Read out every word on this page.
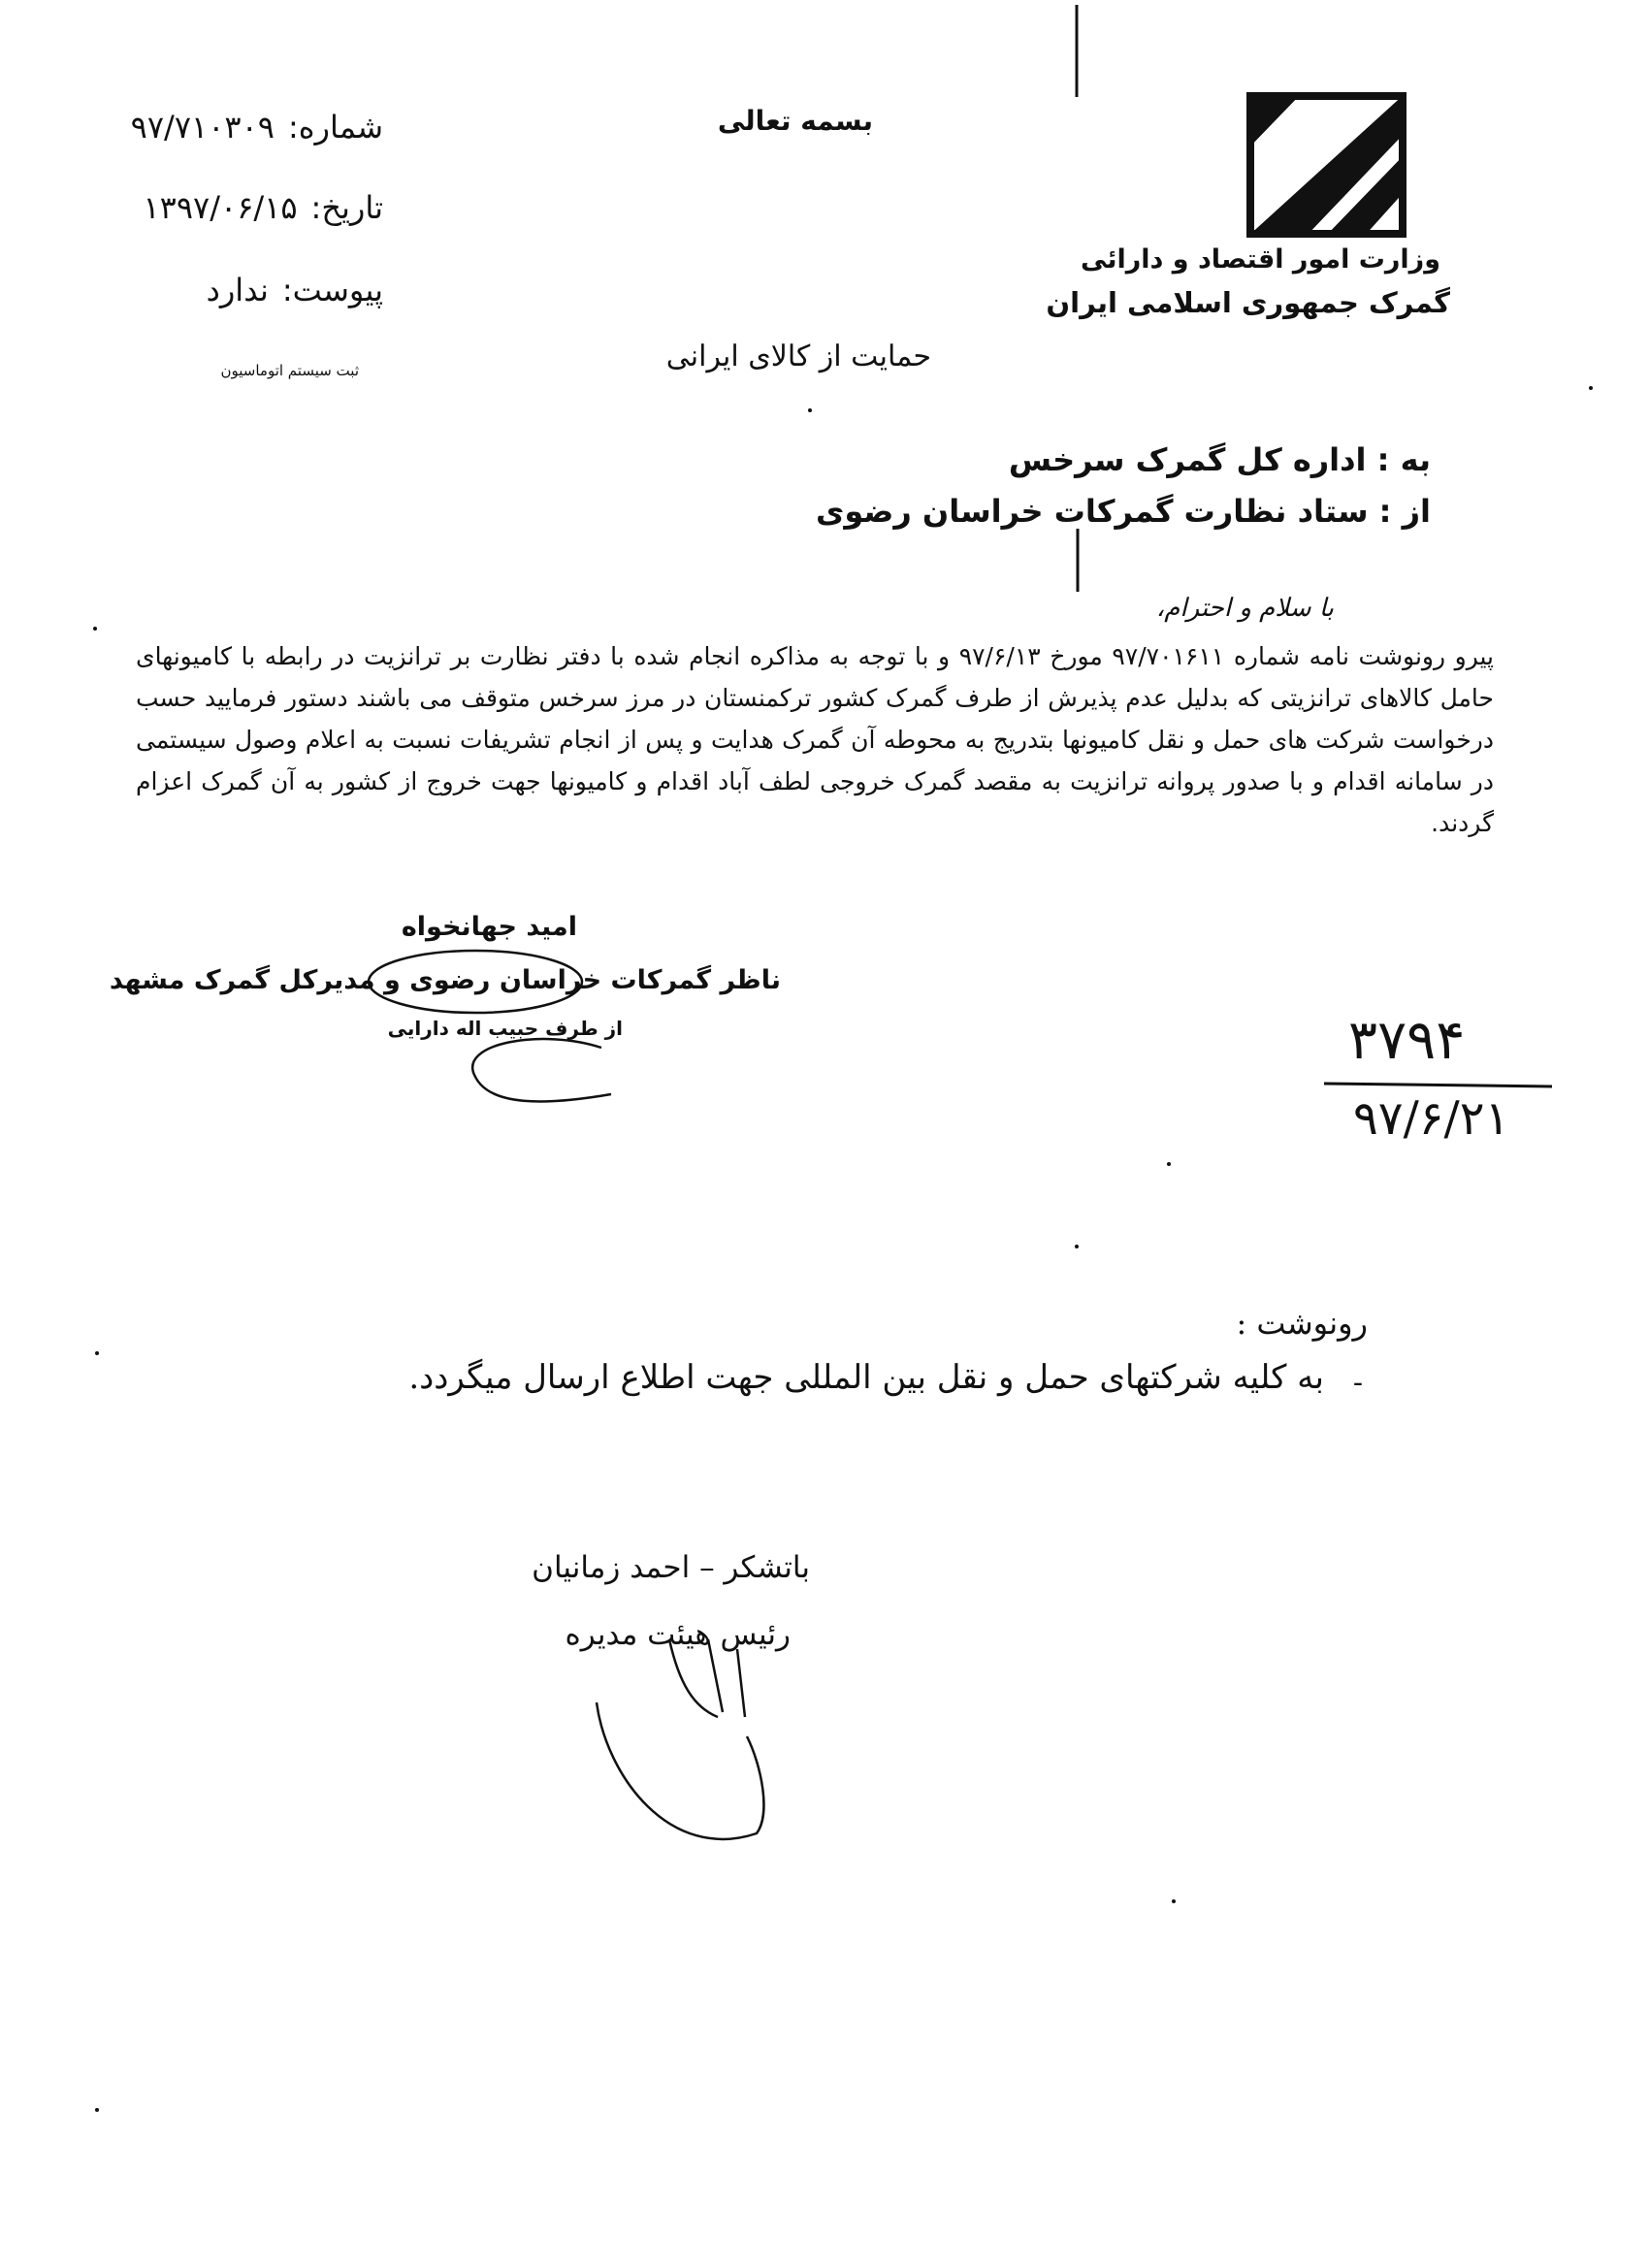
وزارت امور اقتصاد و دارائی
گمرک جمهوری اسلامی ایران
بسمه تعالی
شماره:۹۷/۷۱۰۳۰۹
تاریخ:۱۳۹۷/۰۶/۱۵
پیوست:ندارد
ثبت سیستم اتوماسیون	حمایت از کالای ایرانی
به : اداره کل گمرک سرخس
از : ستاد نظارت گمرکات خراسان رضوی
با سلام و احترام،
پیرو رونوشت نامه شماره ۹۷/۷۰۱۶۱۱ مورخ ۹۷/۶/۱۳ و با توجه به مذاکره انجام شده با دفتر نظارت بر ترانزیت در رابطه با کامیونهای حامل کالاهای ترانزیتی که بدلیل عدم پذیرش از طرف گمرک کشور ترکمنستان در مرز سرخس متوقف می باشند دستور فرمایید حسب درخواست شرکت های حمل و نقل کامیونها بتدریج به محوطه آن گمرک هدایت و پس از انجام تشریفات نسبت به اعلام وصول سیستمی در سامانه اقدام و با صدور پروانه ترانزیت به مقصد گمرک خروجی لطف آباد اقدام و کامیونها جهت خروج از کشور به آن گمرک اعزام گردند.
امید جهانخواه
ناظر گمرکات خراسان رضوی و مدیرکل گمرک مشهد
از طرف حبیب اله دارایی	۳۷۹۴
۹۷/۶/۲۱
رونوشت :
به کلیه شرکتهای حمل و نقل بین المللی جهت اطلاع ارسال میگردد. -
باتشکر – احمد زمانیان
رئیس هیئت مدیره
